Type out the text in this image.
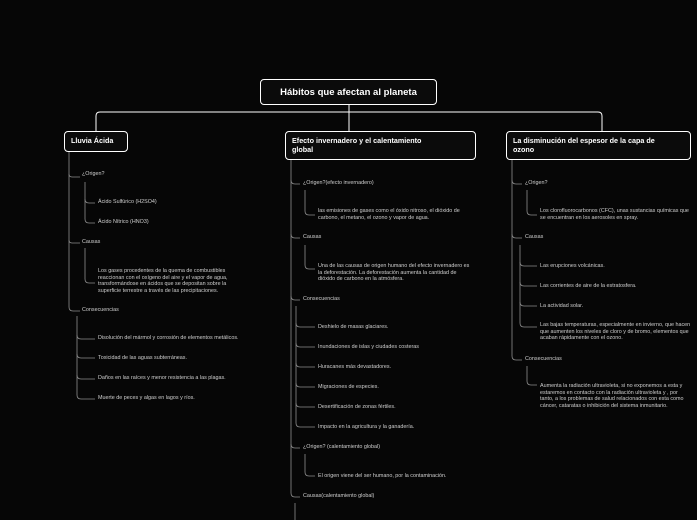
Hábitos que afectan al planeta
Lluvia Ácida	Efecto invernadero y el calentamiento
global
La disminución del espesor de la capa de
ozono
¿Origen?
Ácido Sulfúrico (H2SO4)
Ácido Nítrico (HNO3)
Causas
Los gases procedentes de la quema de combustibles
reaccionan con el oxígeno del aire y el vapor de agua,
transformándose en ácidos que se depositan sobre la
superficie terrestre a través de las precipitaciones.
Consecuencias
Disolución del mármol y corrosión de elementos metálicos.
Toxicidad de las aguas subterráneas.
Daños en las raíces y menor resistencia a las plagas.
Muerte de peces y algas en lagos y ríos.
¿Origen?(efecto invernadero)
las emisiones de gases como el óxido nitroso, el dióxido de
carbono, el metano, el ozono y vapor de agua.
Causas
Una de las causas de origen humano del efecto invernadero es
la deforestación. La deforestación aumenta la cantidad de
dióxido de carbono en la atmósfera.
Consecuencias
Deshielo de masas glaciares.
Inundaciones de islas y ciudades costeras
Huracanes más devastadores.
Migraciones de especies.
Desertificación de zonas fértiles.
Impacto en la agricultura y la ganadería.
¿Origen? (calentamiento global)
El origen viene del ser humano, por la contaminación.
Causas(calentamiento global)
¿Origen?
Los clorofluorocarbonos (CFC), unas sustancias químicas que
se encuentran en los aerosoles en spray.
Causas
Las erupciones volcánicas.
Las corrientes de aire de la estratosfera.
La actividad solar.
Las bajas temperaturas, especialmente en invierno, que hacen
que aumenten los niveles de cloro y de bromo, elementos que
acaban rápidamente con el ozono.
Consecuencias
Aumenta la radiación ultravioleta, si no exponemos a esta y
estaremos en contacto con la radiación ultravioleta y , por
tanto, a los problemas de salud relacionados con esta como
cáncer, cataratas o inhibición del sistema inmunitario.
